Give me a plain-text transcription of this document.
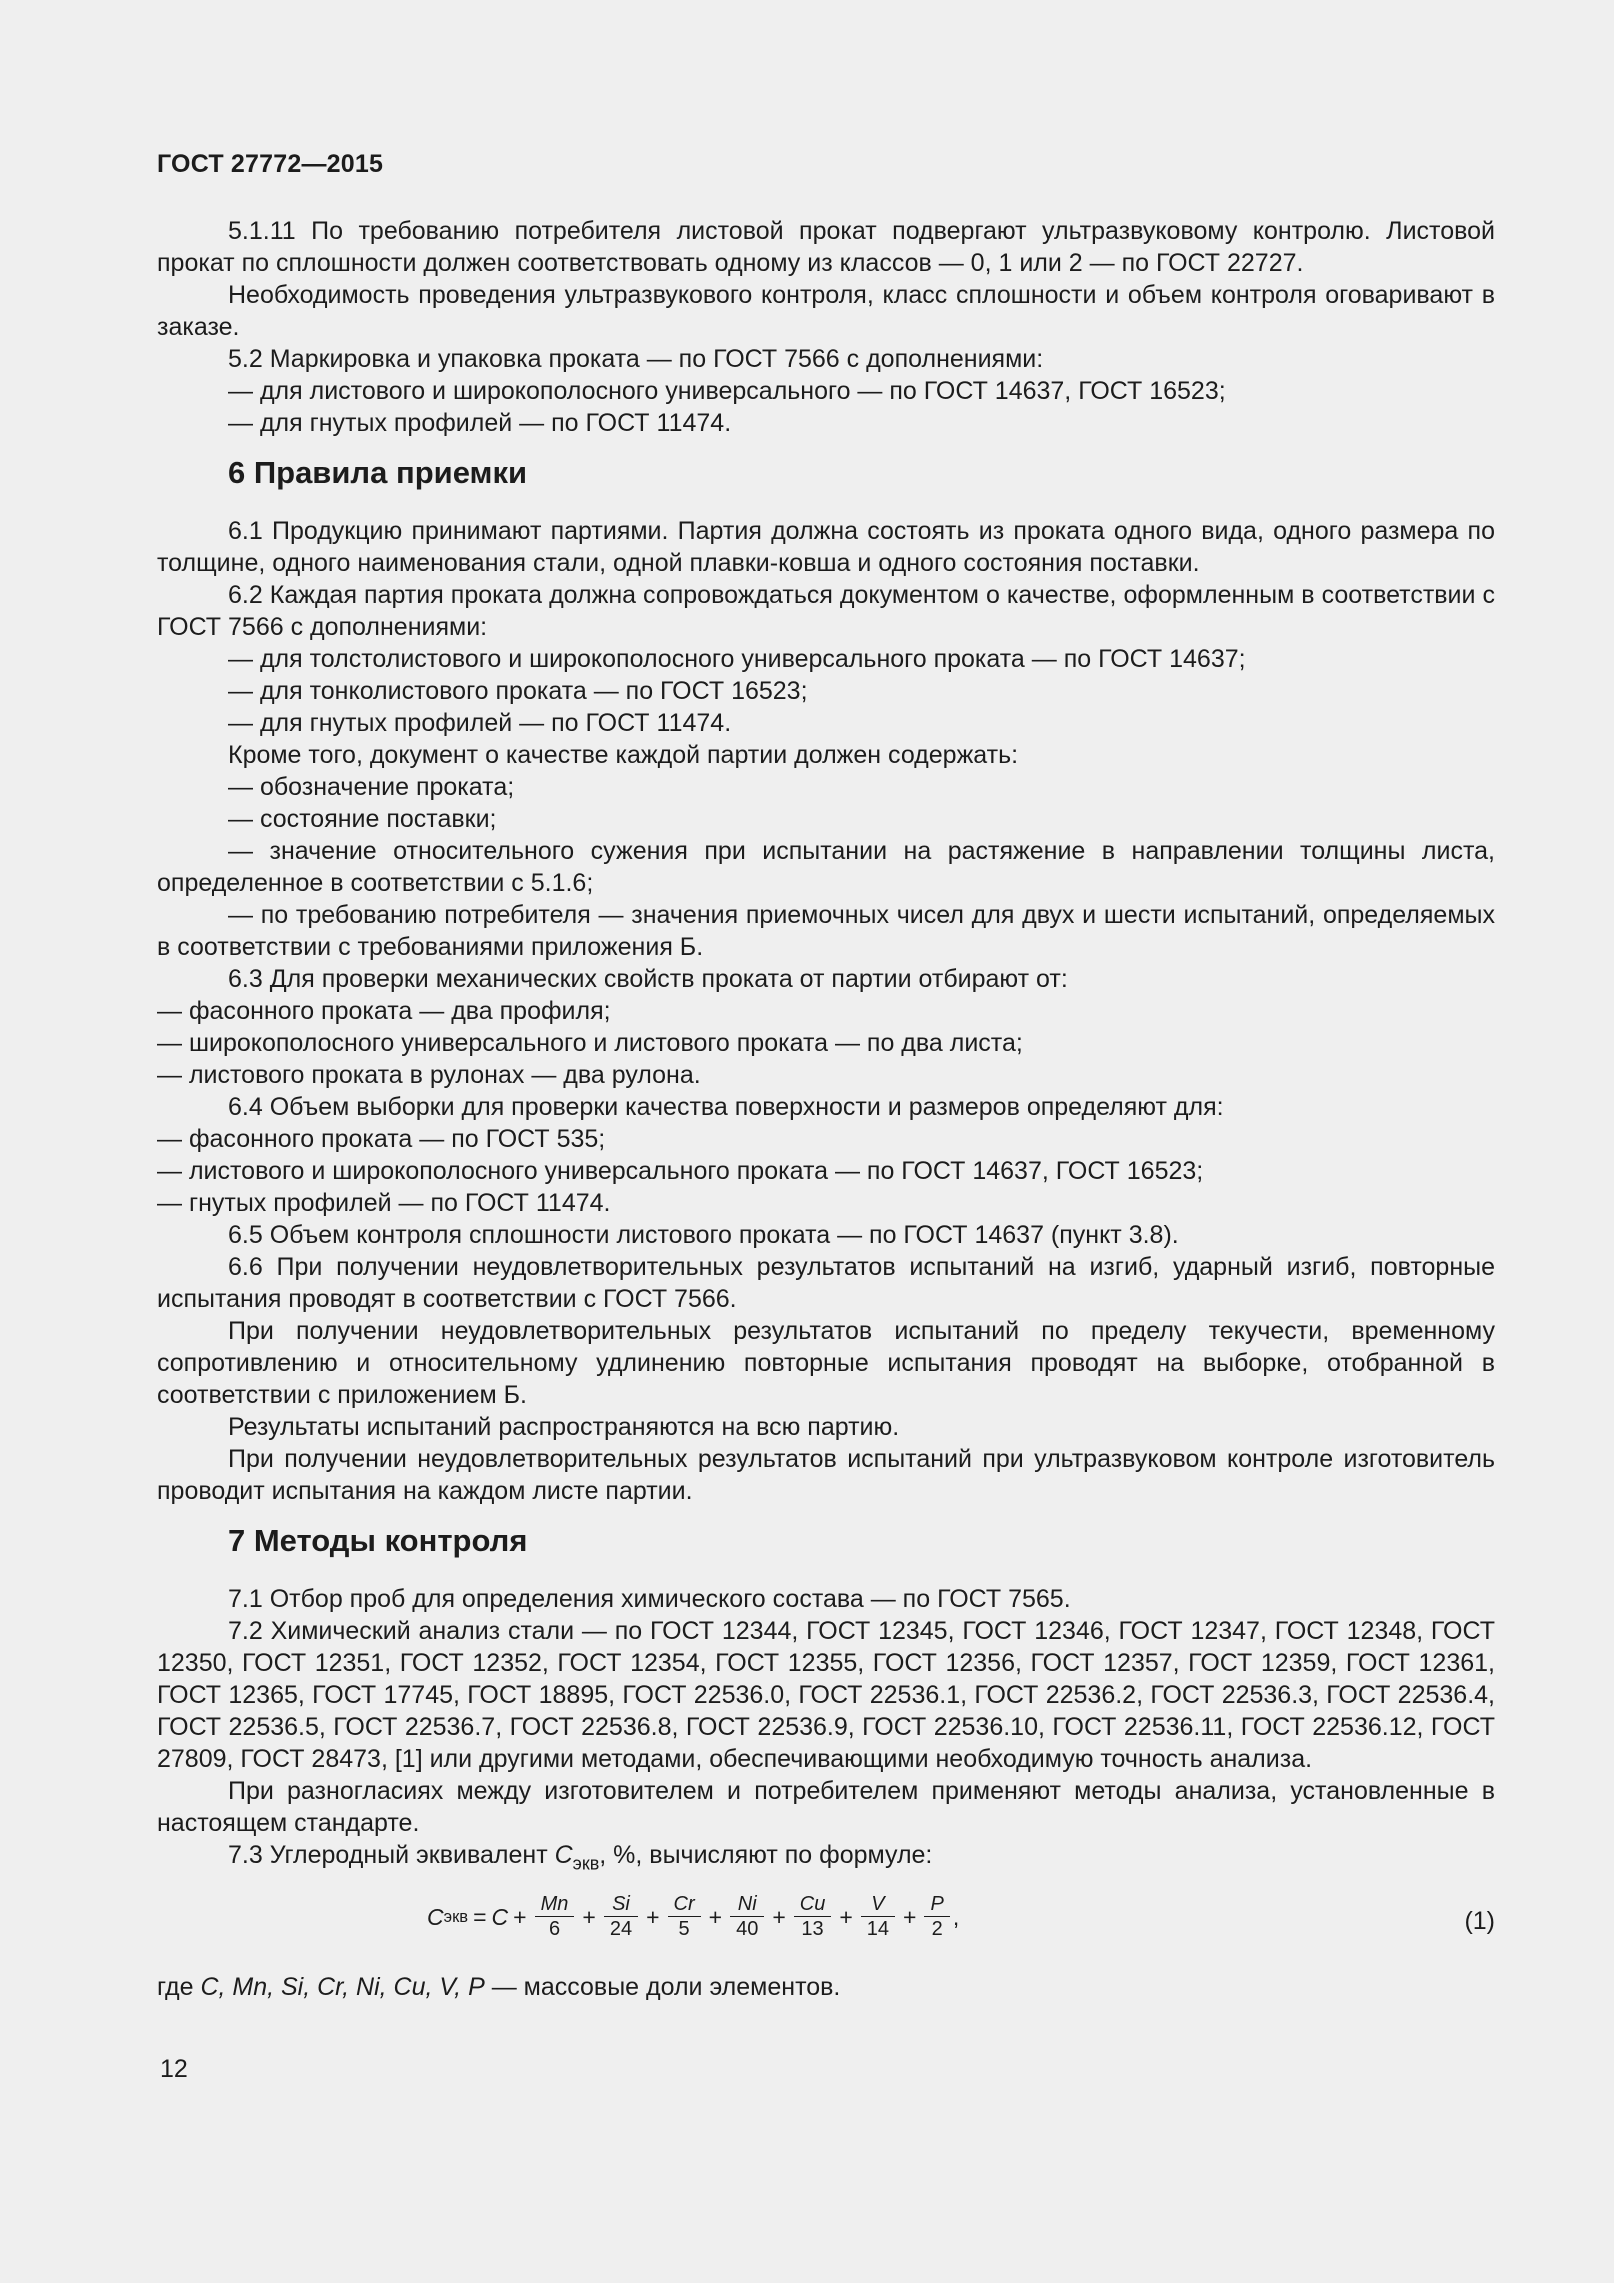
ГОСТ 27772—2015

5.1.11 По требованию потребителя листовой прокат подвергают ультразвуковому контролю. Листовой прокат по сплошности должен соответствовать одному из классов — 0, 1 или 2 — по ГОСТ 22727.

Необходимость проведения ультразвукового контроля, класс сплошности и объем контроля оговаривают в заказе.

5.2 Маркировка и упаковка проката — по ГОСТ 7566 с дополнениями:

— для листового и широкополосного универсального — по ГОСТ 14637, ГОСТ 16523;

— для гнутых профилей — по ГОСТ 11474.

6 Правила приемки

6.1 Продукцию принимают партиями. Партия должна состоять из проката одного вида, одного размера по толщине, одного наименования стали, одной плавки-ковша и одного состояния поставки.

6.2 Каждая партия проката должна сопровождаться документом о качестве, оформленным в соответствии с ГОСТ 7566 с дополнениями:

— для толстолистового и широкополосного универсального проката — по ГОСТ 14637;

— для тонколистового проката — по ГОСТ 16523;

— для гнутых профилей — по ГОСТ 11474.

Кроме того, документ о качестве каждой партии должен содержать:

— обозначение проката;

— состояние поставки;

— значение относительного сужения при испытании на растяжение в направлении толщины листа, определенное в соответствии с 5.1.6;

— по требованию потребителя — значения приемочных чисел для двух и шести испытаний, определяемых в соответствии с требованиями приложения Б.

6.3 Для проверки механических свойств проката от партии отбирают от:

— фасонного проката — два профиля;

— широкополосного универсального и листового проката — по два листа;

— листового проката в рулонах — два рулона.

6.4 Объем выборки для проверки качества поверхности и размеров определяют для:

— фасонного проката — по ГОСТ 535;

— листового и широкополосного универсального проката — по ГОСТ 14637, ГОСТ 16523;

— гнутых профилей — по ГОСТ 11474.

6.5 Объем контроля сплошности листового проката — по ГОСТ 14637 (пункт 3.8).

6.6 При получении неудовлетворительных результатов испытаний на изгиб, ударный изгиб, повторные испытания проводят в соответствии с ГОСТ 7566.

При получении неудовлетворительных результатов испытаний по пределу текучести, временному сопротивлению и относительному удлинению повторные испытания проводят на выборке, отобранной в соответствии с приложением Б.

Результаты испытаний распространяются на всю партию.

При получении неудовлетворительных результатов испытаний при ультразвуковом контроле изготовитель проводит испытания на каждом листе партии.

7 Методы контроля

7.1 Отбор проб для определения химического состава — по ГОСТ 7565.

7.2 Химический анализ стали — по ГОСТ 12344, ГОСТ 12345, ГОСТ 12346, ГОСТ 12347, ГОСТ 12348, ГОСТ 12350, ГОСТ 12351, ГОСТ 12352, ГОСТ 12354, ГОСТ 12355, ГОСТ 12356, ГОСТ 12357, ГОСТ 12359, ГОСТ 12361, ГОСТ 12365, ГОСТ 17745, ГОСТ 18895, ГОСТ 22536.0, ГОСТ 22536.1, ГОСТ 22536.2, ГОСТ 22536.3, ГОСТ 22536.4, ГОСТ 22536.5, ГОСТ 22536.7, ГОСТ 22536.8, ГОСТ 22536.9, ГОСТ 22536.10, ГОСТ 22536.11, ГОСТ 22536.12, ГОСТ 27809, ГОСТ 28473, [1] или другими методами, обеспечивающими необходимую точность анализа.

При разногласиях между изготовителем и потребителем применяют методы анализа, установленные в настоящем стандарте.

7.3 Углеродный эквивалент $С_{экв}$, %, вычисляют по формуле:

С экв = $С + \frac{Mn}{6} + \frac{Si}{24} + \frac{Cr}{5} + \frac{Ni}{40} + \frac{Cu}{13} + \frac{V}{14} + \frac{P}{2}$ ,	(1)

где C, Mn, Si, Cr, Ni, Cu, V, P — массовые доли элементов.

12
